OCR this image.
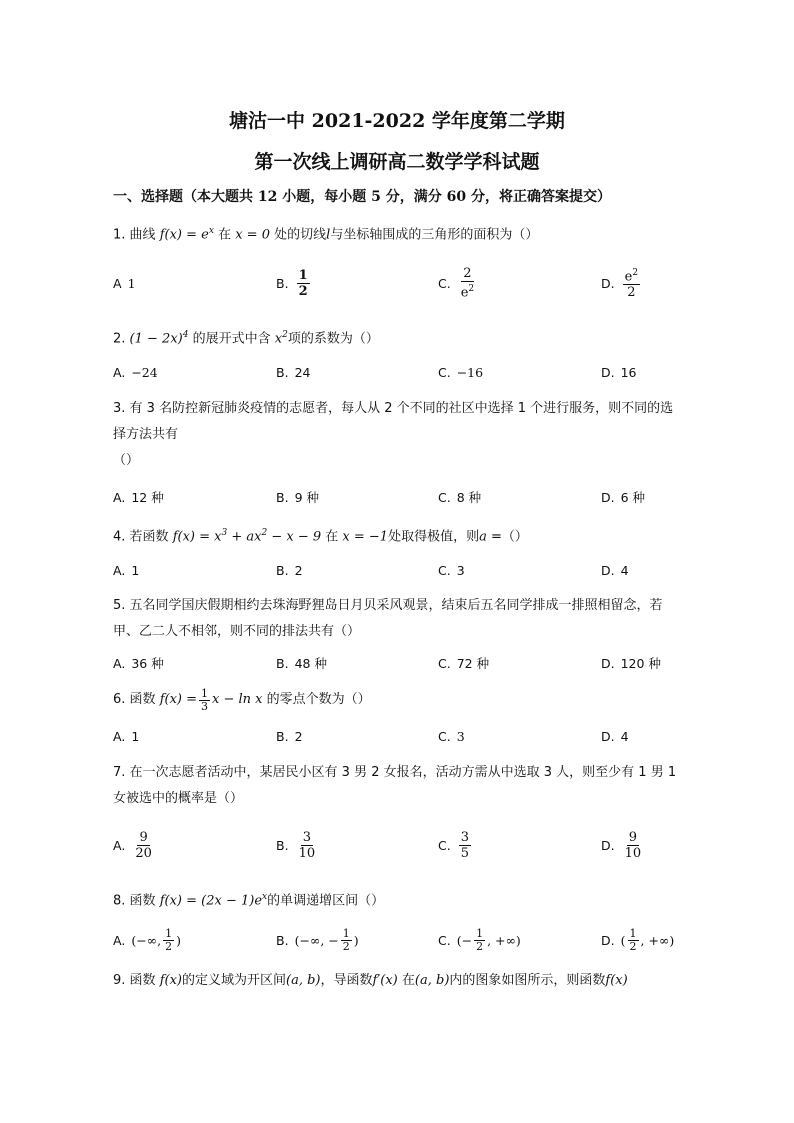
塘沽一中 2021-2022 学年度第二学期
第一次线上调研高二数学学科试题
一、选择题（本大题共 12 小题，每小题 5 分，满分 60 分，将正确答案提交）
1. 曲线 $f(x) = e^x$ 在 x = 0 处的切线l与坐标轴围成的三角形的面积为（）
A 1	B. $\frac{1}{2}$	C. $\frac{2}{e^2}$	D. $\frac{e^2}{2}$
2. $(1 - 2x)^4$ 的展开式中含 $x^2$项的系数为（）
A. −24	B. 24	C. −16	D. 16
3. 有 3 名防控新冠肺炎疫情的志愿者，每人从 2 个不同的社区中选择 1 个进行服务，则不同的选
择方法共有
（）
A. 12 种	B. 9 种	C. 8 种	D. 6 种
4. 若函数 $f(x) = x^3 + ax^2 - x - 9$ 在 x = −1处取得极值，则a =（）
A. 1	B. 2	C. 3	D. 4
5. 五名同学国庆假期相约去珠海野狸岛日月贝采风观景，结束后五名同学排成一排照相留念，若
甲、乙二人不相邻，则不同的排法共有（）
A. 36 种	B. 48 种	C. 72 种	D. 120 种
6.
函数
$f(x) = \frac{1}{3}$ x − ln x
的零点个数为（）
A. 1	B. 2	C. 3	D. 4
7. 在一次志愿者活动中，某居民小区有 3 男 2 女报名，活动方需从中选取 3 人，则至少有 1 男 1
女被选中的概率是（）
A. $\frac{9}{20}$	B. $\frac{3}{10}$	C. $\frac{3}{5}$	D. $\frac{9}{10}$
8. 函数 $f(x) = (2x - 1)e^x$的单调递增区间（）
A. (−∞, $\frac{1}{2}$ )	B. (−∞, − $\frac{1}{2}$ )	C. (− $\frac{1}{2}$ , +∞)	D. ( $\frac{1}{2}$ , +∞)
9. 函数 f(x)的定义域为开区间(a, b)，导函数f′(x) 在(a, b)内的图象如图所示，则函数f(x)
